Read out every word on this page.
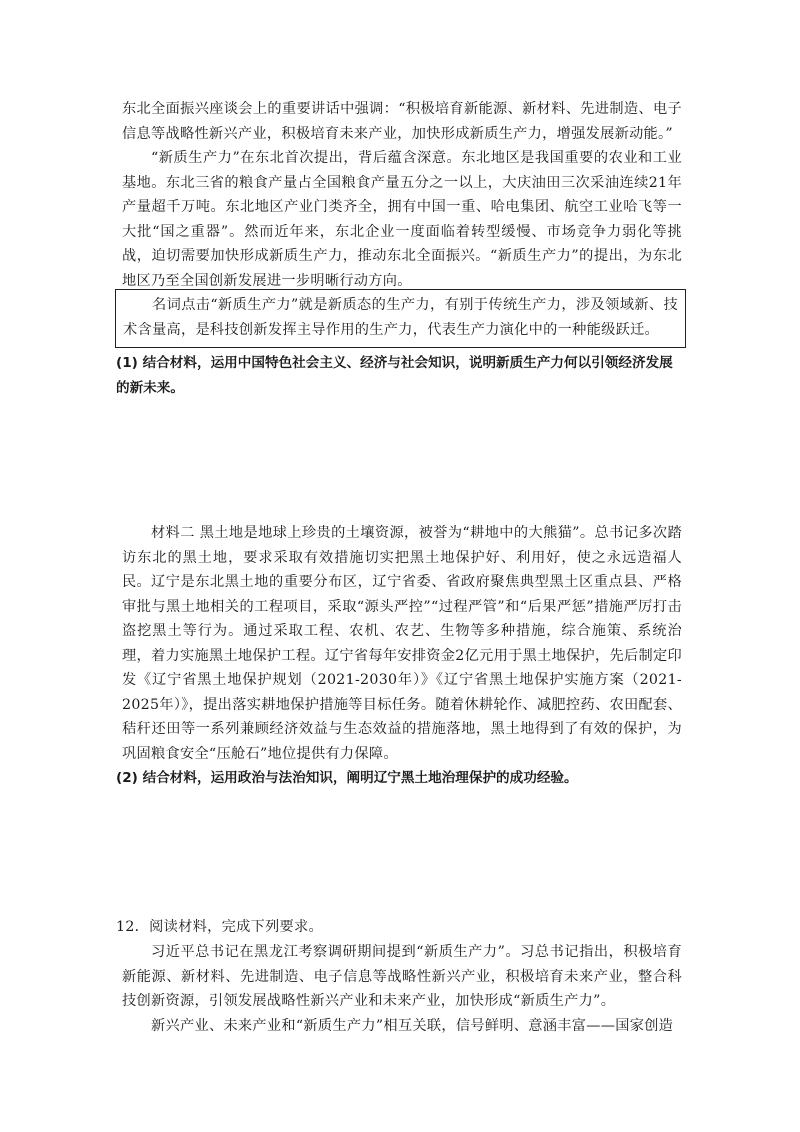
东北全面振兴座谈会上的重要讲话中强调：“积极培育新能源、新材料、先进制造、电子信息等战略性新兴产业，积极培育未来产业，加快形成新质生产力，增强发展新动能。”

“新质生产力”在东北首次提出，背后蕴含深意。东北地区是我国重要的农业和工业基地。东北三省的粮食产量占全国粮食产量五分之一以上，大庆油田三次采油连续21年产量超千万吨。东北地区产业门类齐全，拥有中国一重、哈电集团、航空工业哈飞等一大批“国之重器”。然而近年来，东北企业一度面临着转型缓慢、市场竞争力弱化等挑战，迫切需要加快形成新质生产力，推动东北全面振兴。“新质生产力”的提出，为东北地区乃至全国创新发展进一步明晰行动方向。

名词点击“新质生产力”就是新质态的生产力，有别于传统生产力，涉及领域新、技术含量高，是科技创新发挥主导作用的生产力，代表生产力演化中的一种能级跃迁。

(1) 结合材料，运用中国特色社会主义、经济与社会知识，说明新质生产力何以引领经济发展的新未来。

材料二 黑土地是地球上珍贵的土壤资源，被誉为“耕地中的大熊猫”。总书记多次踏访东北的黑土地，要求采取有效措施切实把黑土地保护好、利用好，使之永远造福人民。 辽宁是东北黑土地的重要分布区，辽宁省委、省政府聚焦典型黑土区重点县、严格审批与黑土地相关的工程项目，采取“源头严控”“过程严管”和“后果严惩”措施严厉打击盗挖黑土等行为。通过采取工程、农机、农艺、生物等多种措施，综合施策、系统治理，着力实施黑土地保护工程。辽宁省每年安排资金2亿元用于黑土地保护，先后制定印发《辽宁省黑土地保护规划（2021-2030年）》《辽宁省黑土地保护实施方案（2021-2025年）》，提出落实耕地保护措施等目标任务。随着休耕轮作、减肥控药、农田配套、秸秆还田等一系列兼顾经济效益与生态效益的措施落地，黑土地得到了有效的保护，为巩固粮食安全“压舱石”地位提供有力保障。

(2) 结合材料，运用政治与法治知识，阐明辽宁黑土地治理保护的成功经验。

12．阅读材料，完成下列要求。

习近平总书记在黑龙江考察调研期间提到“新质生产力”。习总书记指出，积极培育新能源、新材料、先进制造、电子信息等战略性新兴产业，积极培育未来产业，整合科技创新资源，引领发展战略性新兴产业和未来产业，加快形成“新质生产力”。

新兴产业、未来产业和“新质生产力”相互关联，信号鲜明、意涵丰富——国家创造
